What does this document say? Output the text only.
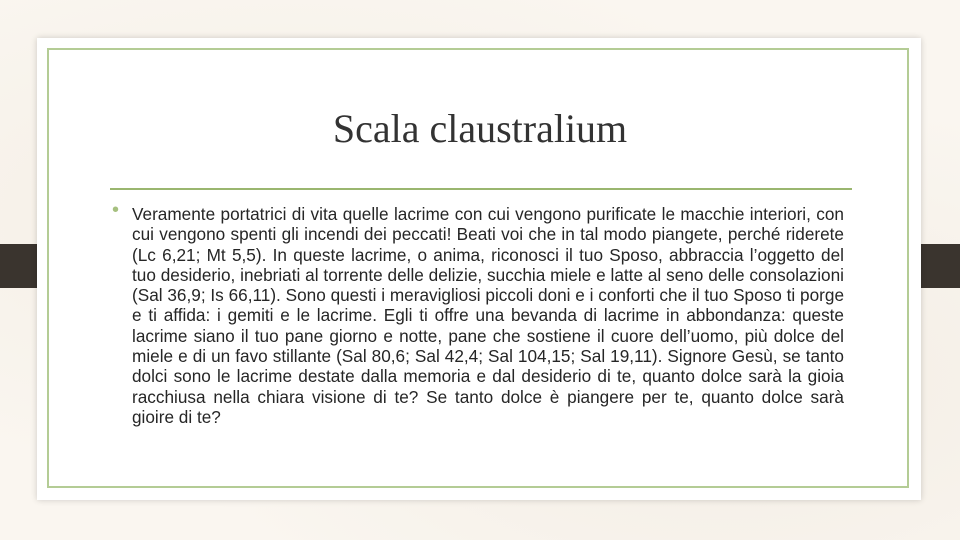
Scala claustralium
• Veramente portatrici di vita quelle lacrime con cui vengono purificate le macchie interiori, con cui vengono spenti gli incendi dei peccati! Beati voi che in tal modo piangete, perché riderete (Lc 6,21; Mt 5,5). In queste lacrime, o anima, riconosci il tuo Sposo, abbraccia l’oggetto del tuo desiderio, inebriati al torrente delle delizie, succhia miele e latte al seno delle consolazioni (Sal 36,9; Is 66,11). Sono questi i meravigliosi piccoli doni e i conforti che il tuo Sposo ti porge e ti affida: i gemiti e le lacrime. Egli ti offre una bevanda di lacrime in abbondanza: queste lacrime siano il tuo pane giorno e notte, pane che sostiene il cuore dell’uomo, più dolce del miele e di un favo stillante (Sal 80,6; Sal 42,4; Sal 104,15; Sal 19,11). Signore Gesù, se tanto dolci sono le lacrime destate dalla memoria e dal desiderio di te, quanto dolce sarà la gioia racchiusa nella chiara visione di te? Se tanto dolce è piangere per te, quanto dolce sarà gioire di te?
